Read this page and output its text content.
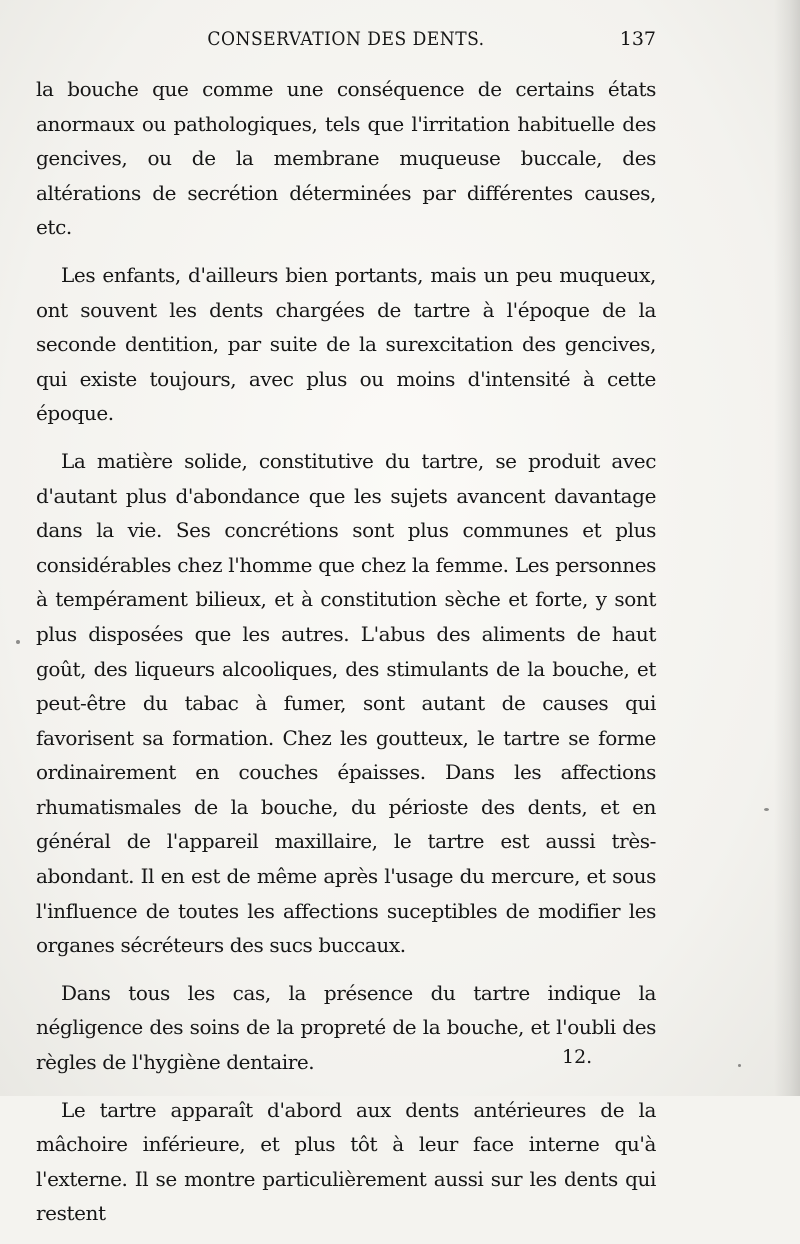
CONSERVATION DES DENTS.	137

la bouche que comme une conséquence de certains états anormaux ou pathologiques, tels que l'irritation habituelle des gencives, ou de la membrane muqueuse buccale, des altérations de secrétion déterminées par différentes causes, etc.

Les enfants, d'ailleurs bien portants, mais un peu muqueux, ont souvent les dents chargées de tartre à l'époque de la seconde dentition, par suite de la surexcitation des gencives, qui existe toujours, avec plus ou moins d'intensité à cette époque.

La matière solide, constitutive du tartre, se produit avec d'autant plus d'abondance que les sujets avancent davantage dans la vie. Ses concrétions sont plus communes et plus considérables chez l'homme que chez la femme. Les personnes à tempérament bilieux, et à constitution sèche et forte, y sont plus disposées que les autres. L'abus des aliments de haut goût, des liqueurs alcooliques, des stimulants de la bouche, et peut-être du tabac à fumer, sont autant de causes qui favorisent sa formation. Chez les goutteux, le tartre se forme ordinairement en couches épaisses. Dans les affections rhumatismales de la bouche, du périoste des dents, et en général de l'appareil maxillaire, le tartre est aussi très-abondant. Il en est de même après l'usage du mercure, et sous l'influence de toutes les affections suceptibles de modifier les organes sécréteurs des sucs buccaux.

Dans tous les cas, la présence du tartre indique la négligence des soins de la propreté de la bouche, et l'oubli des règles de l'hygiène dentaire.

Le tartre apparaît d'abord aux dents antérieures de la mâchoire inférieure, et plus tôt à leur face interne qu'à l'externe. Il se montre particulièrement aussi sur les dents qui restent

12.
